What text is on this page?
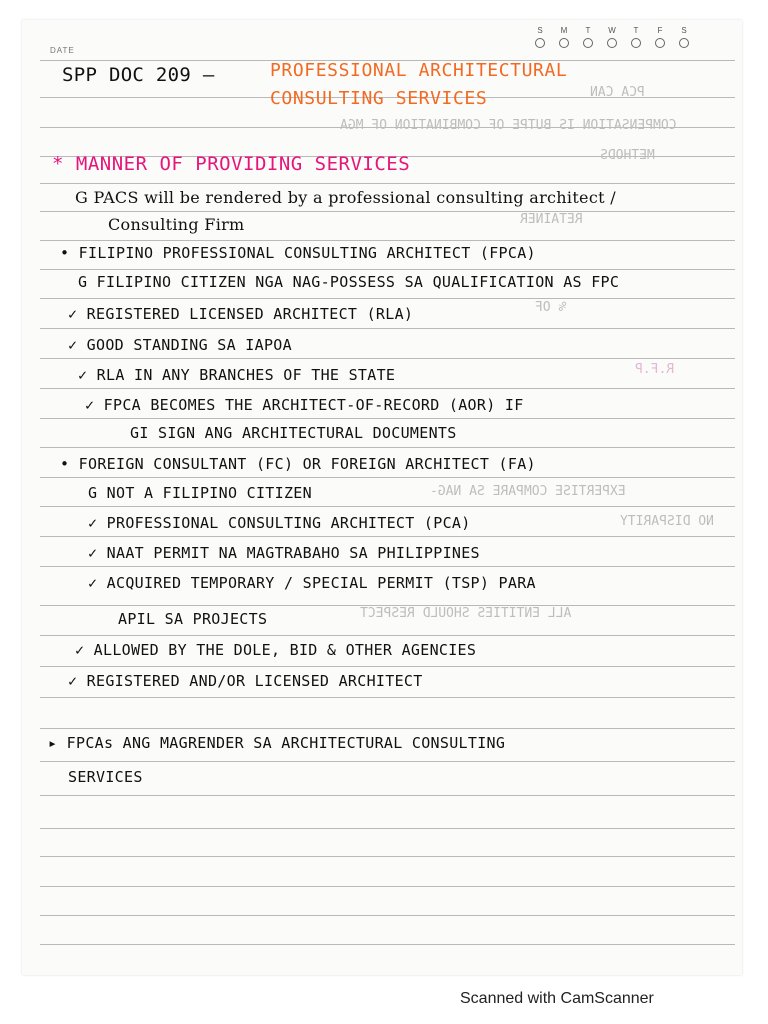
DATE
S	M	T	W	T	F	S
PCA CAN
COMPENSATION IS BUTPE OF COMBINATION OF MGA
METHODS
RETAINER
% OF
R.F.P
EXPERTISE COMPARE SA NAG-
NO DISPARITY
ALL ENTITIES SHOULD RESPECT
SPP DOC 209 —	PROFESSIONAL ARCHITECTURAL
CONSULTING SERVICES
* MANNER OF PROVIDING SERVICES
G PACS will be rendered by a professional consulting architect /
Consulting Firm
• FILIPINO PROFESSIONAL CONSULTING ARCHITECT (FPCA)
G FILIPINO CITIZEN NGA NAG-POSSESS SA QUALIFICATION AS FPC
✓ REGISTERED LICENSED ARCHITECT (RLA)
✓ GOOD STANDING SA IAPOA
✓ RLA IN ANY BRANCHES OF THE STATE
✓ FPCA BECOMES THE ARCHITECT-OF-RECORD (AOR) IF
GI SIGN ANG ARCHITECTURAL DOCUMENTS
• FOREIGN CONSULTANT (FC) OR FOREIGN ARCHITECT (FA)
G NOT A FILIPINO CITIZEN
✓ PROFESSIONAL CONSULTING ARCHITECT (PCA)
✓ NAAT PERMIT NA MAGTRABAHO SA PHILIPPINES
✓ ACQUIRED TEMPORARY / SPECIAL PERMIT (TSP) PARA
APIL SA PROJECTS
✓ ALLOWED BY THE DOLE, BID & OTHER AGENCIES
✓ REGISTERED AND/OR LICENSED ARCHITECT
▸ FPCAs ANG MAGRENDER SA ARCHITECTURAL CONSULTING
SERVICES
Scanned with CamScanner
